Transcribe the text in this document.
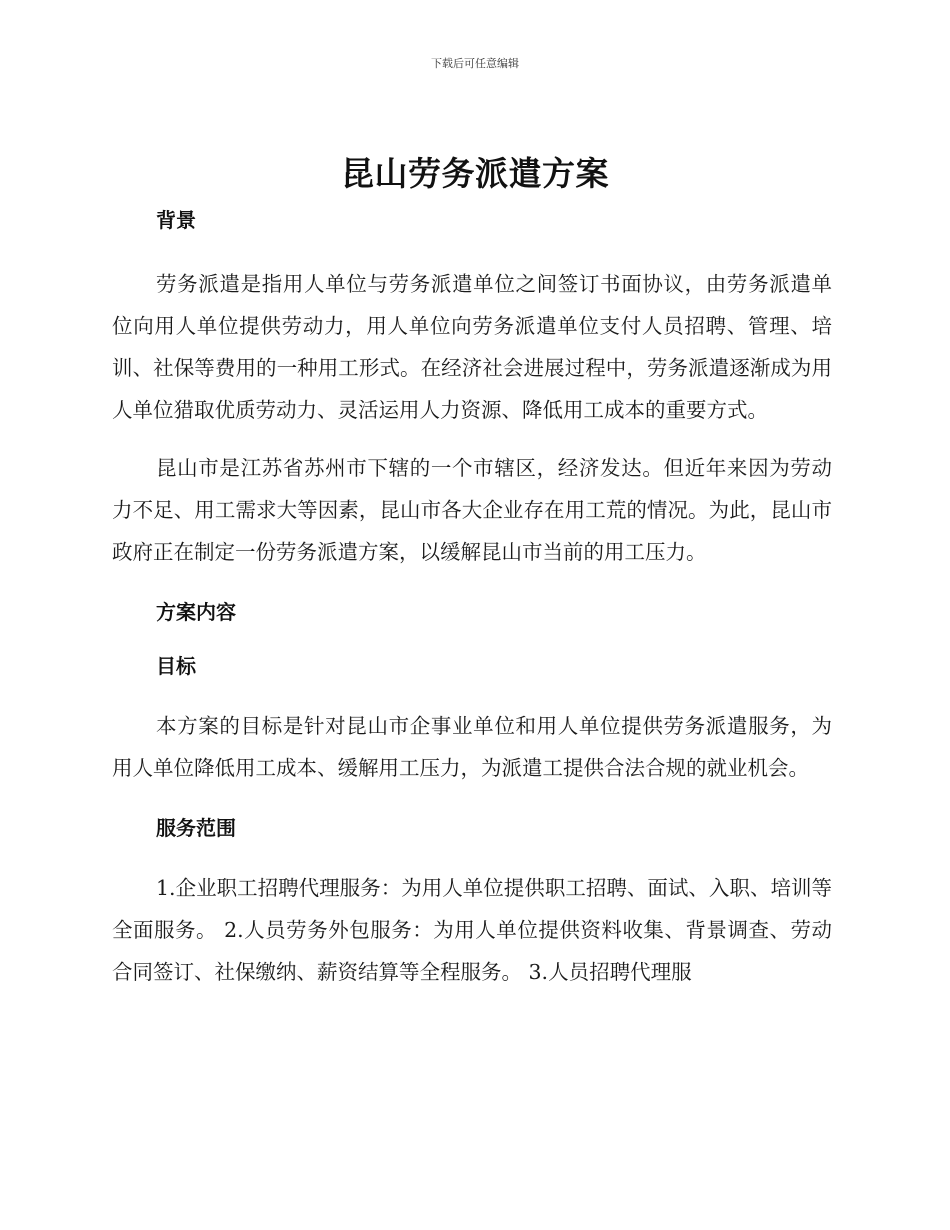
下载后可任意编辑
昆山劳务派遣方案
背景

劳务派遣是指用人单位与劳务派遣单位之间签订书面协议，由劳务派遣单位向用人单位提供劳动力，用人单位向劳务派遣单位支付人员招聘、管理、培训、社保等费用的一种用工形式。在经济社会进展过程中，劳务派遣逐渐成为用人单位猎取优质劳动力、灵活运用人力资源、降低用工成本的重要方式。

昆山市是江苏省苏州市下辖的一个市辖区，经济发达。但近年来因为劳动力不足、用工需求大等因素，昆山市各大企业存在用工荒的情况。为此，昆山市政府正在制定一份劳务派遣方案，以缓解昆山市当前的用工压力。

方案内容
目标

本方案的目标是针对昆山市企事业单位和用人单位提供劳务派遣服务，为用人单位降低用工成本、缓解用工压力，为派遣工提供合法合规的就业机会。

服务范围

1.企业职工招聘代理服务：为用人单位提供职工招聘、面试、入职、培训等全面服务。 2.人员劳务外包服务：为用人单位提供资料收集、背景调查、劳动合同签订、社保缴纳、薪资结算等全程服务。 3.人员招聘代理服
